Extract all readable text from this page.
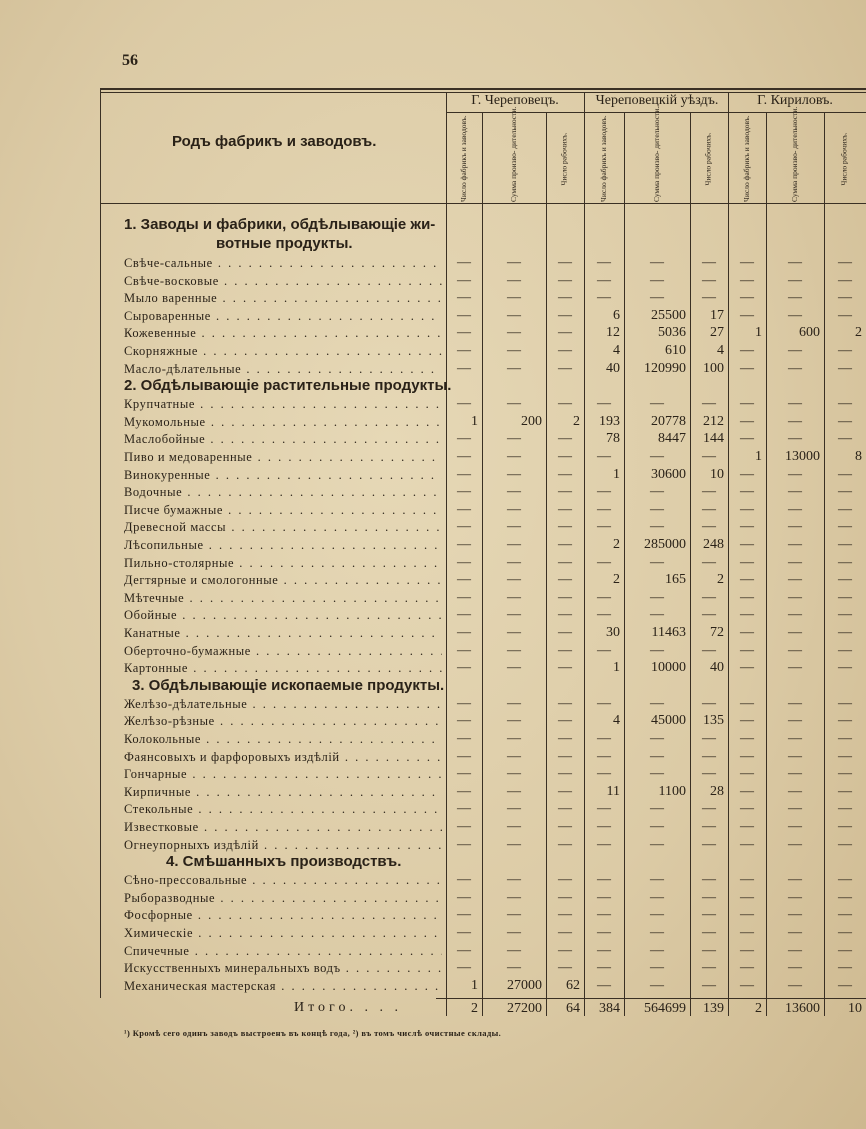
56
Родъ фабрикъ и заводовъ.
Г. Череповецъ.	Череповецкій уѣздъ.	Г. Кириловъ.
Число фабрикъ и заводовъ.	Сумма произво- дительности.	Число рабочихъ.	Число фабрикъ и заводовъ.	Сумма произво- дительности.	Число рабочихъ.	Число фабрикъ и заводовъ.	Сумма произво- дительности.	Число рабочихъ.
1. Заводы и фабрики, обдѣлывающіе жи-
вотные продукты.
Свѣче-сальные . . .	—	—	—	—	—	—	—	—	—
Свѣче-восковые . . .	—	—	—	—	—	—	—	—	—
Мыло варенные . . .	—	—	—	—	—	—	—	—	—
Сыроваренные . . .	—	—	—	6	25500	17	—	—	—
Кожевенные . . .	—	—	—	12	5036	27	1	600	2
Скорняжные . . .	—	—	—	4	610	4	—	—	—
Масло-дѣлательные . . .	—	—	—	40	120990	100	—	—	—
2. Обдѣлывающіе растительные продукты.
Крупчатные . . .	—	—	—	—	—	—	—	—	—
Мукомольные . . .	1	200	2	193	20778	212	—	—	—
Маслобойные . . .	—	—	—	78	8447	144	—	—	—
Пиво и медоваренные . . .	—	—	—	—	—	—	1	13000	8
Винокуренные . . .	—	—	—	1	30600	10	—	—	—
Водочные . . .	—	—	—	—	—	—	—	—	—
Писче бумажные . . .	—	—	—	—	—	—	—	—	—
Древесной массы . . .	—	—	—	—	—	—	—	—	—
Лѣсопильные . . .	—	—	—	2	285000	248	—	—	—
Пильно-столярные . . .	—	—	—	—	—	—	—	—	—
Дегтярные и смологонные . . .	—	—	—	2	165	2	—	—	—
Мѣтечные . . .	—	—	—	—	—	—	—	—	—
Обойные . . .	—	—	—	—	—	—	—	—	—
Канатные . . .	—	—	—	30	11463	72	—	—	—
Оберточно-бумажные . . .	—	—	—	—	—	—	—	—	—
Картонные . . .	—	—	—	1	10000	40	—	—	—
3. Обдѣлывающіе ископаемые продукты.
Желѣзо-дѣлательные . . .	—	—	—	—	—	—	—	—	—
Желѣзо-рѣзные . . .	—	—	—	4	45000	135	—	—	—
Колокольные . . .	—	—	—	—	—	—	—	—	—
Фаянсовыхъ и фарфоровыхъ издѣлій . . .	—	—	—	—	—	—	—	—	—
Гончарные . . .	—	—	—	—	—	—	—	—	—
Кирпичные . . .	—	—	—	11	1100	28	—	—	—
Стекольные . . .	—	—	—	—	—	—	—	—	—
Известковые . . .	—	—	—	—	—	—	—	—	—
Огнеупорныхъ издѣлій . . .	—	—	—	—	—	—	—	—	—
4. Смѣшанныхъ производствъ.
Сѣно-прессовальные . . .	—	—	—	—	—	—	—	—	—
Рыборазводные . . .	—	—	—	—	—	—	—	—	—
Фосфорные . . .	—	—	—	—	—	—	—	—	—
Химическіе . . .	—	—	—	—	—	—	—	—	—
Спичечные . . .	—	—	—	—	—	—	—	—	—
Искусственныхъ минеральныхъ водъ . . .	—	—	—	—	—	—	—	—	—
Механическая мастерская . . .	1	27000	62	—	—	—	—	—	—
Итого. . . .	2	27200	64	384	564699	139	2	13600	10
¹) Кромѣ сего одинъ заводъ выстроенъ въ концѣ года, ²) въ томъ числѣ очистные склады.
